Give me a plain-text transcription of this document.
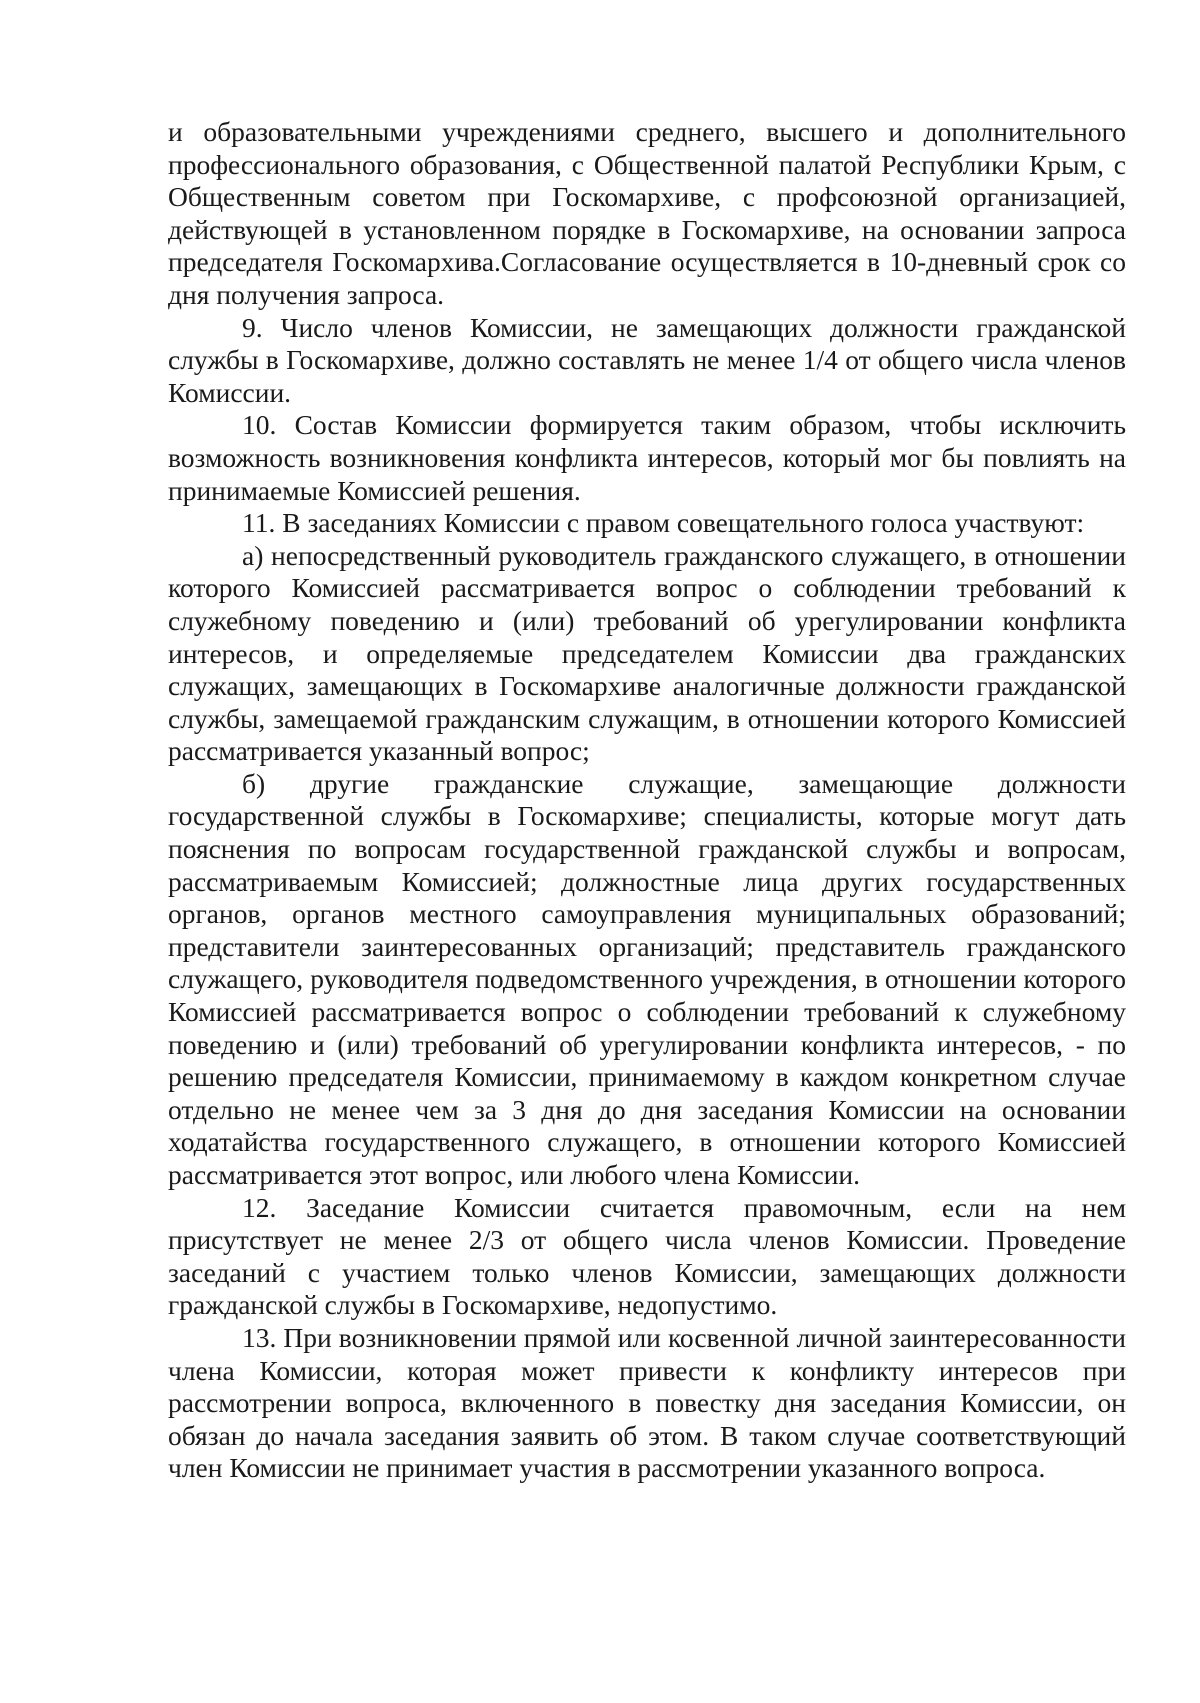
и образовательными учреждениями среднего, высшего и дополнительного профессионального образования, с Общественной палатой Республики Крым, с Общественным советом при Госкомархиве, с профсоюзной организацией, действующей в установленном порядке в Госкомархиве, на основании запроса председателя Госкомархива.Согласование осуществляется в 10-дневный срок со дня получения запроса.

9. Число членов Комиссии, не замещающих должности гражданской службы в Госкомархиве, должно составлять не менее 1/4 от общего числа членов Комиссии.

10. Состав Комиссии формируется таким образом, чтобы исключить возможность возникновения конфликта интересов, который мог бы повлиять на принимаемые Комиссией решения.

11. В заседаниях Комиссии с правом совещательного голоса участвуют:

а) непосредственный руководитель гражданского служащего, в отношении которого Комиссией рассматривается вопрос о соблюдении требований к служебному поведению и (или) требований об урегулировании конфликта интересов, и определяемые председателем Комиссии два гражданских служащих, замещающих в Госкомархиве аналогичные должности гражданской службы, замещаемой гражданским служащим, в отношении которого Комиссией рассматривается указанный вопрос;

б) другие гражданские служащие, замещающие должности государственной службы в Госкомархиве; специалисты, которые могут дать пояснения по вопросам государственной гражданской службы и вопросам, рассматриваемым Комиссией; должностные лица других государственных органов, органов местного самоуправления муниципальных образований; представители заинтересованных организаций; представитель гражданского служащего, руководителя подведомственного учреждения, в отношении которого Комиссией рассматривается вопрос о соблюдении требований к служебному поведению и (или) требований об урегулировании конфликта интересов, - по решению председателя Комиссии, принимаемому в каждом конкретном случае отдельно не менее чем за 3 дня до дня заседания Комиссии на основании ходатайства государственного служащего, в отношении которого Комиссией рассматривается этот вопрос, или любого члена Комиссии.

12. Заседание Комиссии считается правомочным, если на нем присутствует не менее 2/3 от общего числа членов Комиссии. Проведение заседаний с участием только членов Комиссии, замещающих должности гражданской службы в Госкомархиве, недопустимо.

13. При возникновении прямой или косвенной личной заинтересованности члена Комиссии, которая может привести к конфликту интересов при рассмотрении вопроса, включенного в повестку дня заседания Комиссии, он обязан до начала заседания заявить об этом. В таком случае соответствующий член Комиссии не принимает участия в рассмотрении указанного вопроса.
